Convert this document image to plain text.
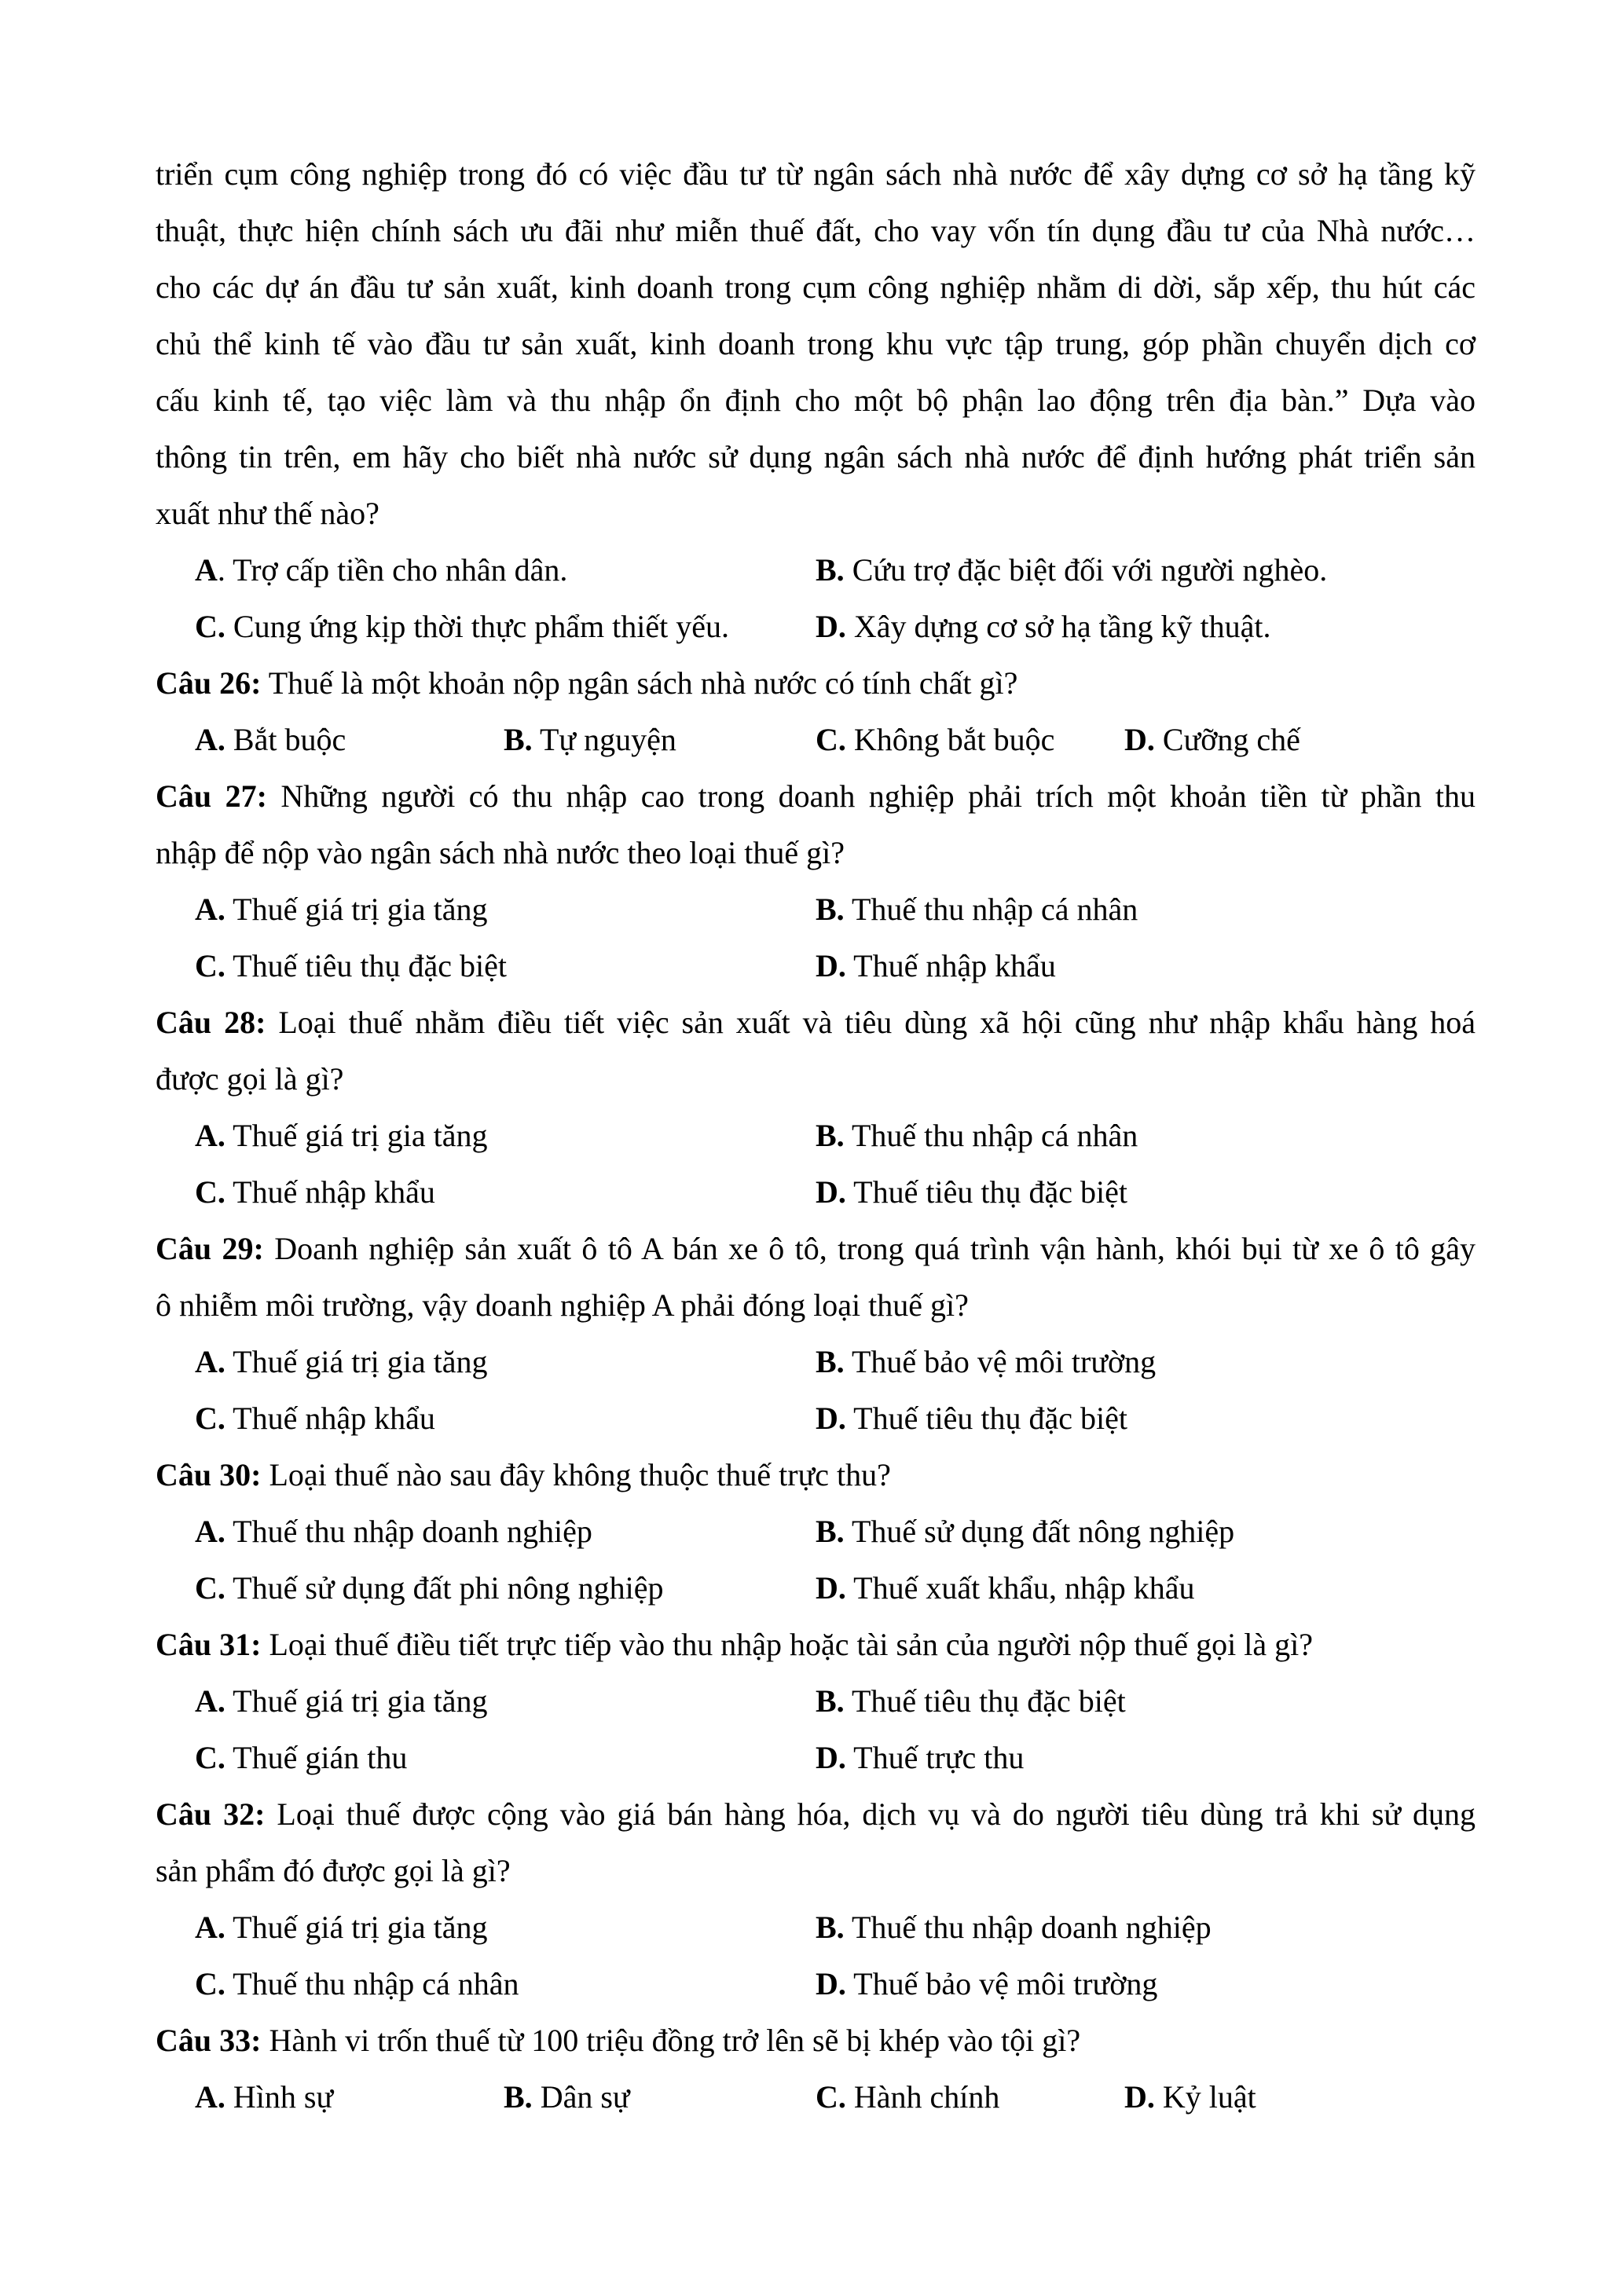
triển cụm công nghiệp trong đó có việc đầu tư từ ngân sách nhà nước để xây dựng cơ sở hạ tầng kỹ
thuật, thực hiện chính sách ưu đãi như miễn thuế đất, cho vay vốn tín dụng đầu tư của Nhà nước…
cho các dự án đầu tư sản xuất, kinh doanh trong cụm công nghiệp nhằm di dời, sắp xếp, thu hút các
chủ thể kinh tế vào đầu tư sản xuất, kinh doanh trong khu vực tập trung, góp phần chuyển dịch cơ
cấu kinh tế, tạo việc làm và thu nhập ổn định cho một bộ phận lao động trên địa bàn.” Dựa vào
thông tin trên, em hãy cho biết nhà nước sử dụng ngân sách nhà nước để định hướng phát triển sản
xuất như thế nào?
A. Trợ cấp tiền cho nhân dân.	B. Cứu trợ đặc biệt đối với người nghèo.
C. Cung ứng kịp thời thực phẩm thiết yếu.	D. Xây dựng cơ sở hạ tầng kỹ thuật.
Câu 26: Thuế là một khoản nộp ngân sách nhà nước có tính chất gì?
A. Bắt buộc	B. Tự nguyện	C. Không bắt buộc D. Cưỡng chế
Câu 27: Những người có thu nhập cao trong doanh nghiệp phải trích một khoản tiền từ phần thu
nhập để nộp vào ngân sách nhà nước theo loại thuế gì?
A. Thuế giá trị gia tăng	B. Thuế thu nhập cá nhân
C. Thuế tiêu thụ đặc biệt	D. Thuế nhập khẩu
Câu 28: Loại thuế nhằm điều tiết việc sản xuất và tiêu dùng xã hội cũng như nhập khẩu hàng hoá
được gọi là gì?
A. Thuế giá trị gia tăng	B. Thuế thu nhập cá nhân
C. Thuế nhập khẩu	D. Thuế tiêu thụ đặc biệt
Câu 29: Doanh nghiệp sản xuất ô tô A bán xe ô tô, trong quá trình vận hành, khói bụi từ xe ô tô gây
ô nhiễm môi trường, vậy doanh nghiệp A phải đóng loại thuế gì?
A. Thuế giá trị gia tăng	B. Thuế bảo vệ môi trường
C. Thuế nhập khẩu	D. Thuế tiêu thụ đặc biệt
Câu 30: Loại thuế nào sau đây không thuộc thuế trực thu?
A. Thuế thu nhập doanh nghiệp	B. Thuế sử dụng đất nông nghiệp
C. Thuế sử dụng đất phi nông nghiệp	D. Thuế xuất khẩu, nhập khẩu
Câu 31: Loại thuế điều tiết trực tiếp vào thu nhập hoặc tài sản của người nộp thuế gọi là gì?
A. Thuế giá trị gia tăng	B. Thuế tiêu thụ đặc biệt
C. Thuế gián thu	D. Thuế trực thu
Câu 32: Loại thuế được cộng vào giá bán hàng hóa, dịch vụ và do người tiêu dùng trả khi sử dụng
sản phẩm đó được gọi là gì?
A. Thuế giá trị gia tăng	B. Thuế thu nhập doanh nghiệp
C. Thuế thu nhập cá nhân	D. Thuế bảo vệ môi trường
Câu 33: Hành vi trốn thuế từ 100 triệu đồng trở lên sẽ bị khép vào tội gì?
A. Hình sự	B. Dân sự	C. Hành chính	D. Kỷ luật
